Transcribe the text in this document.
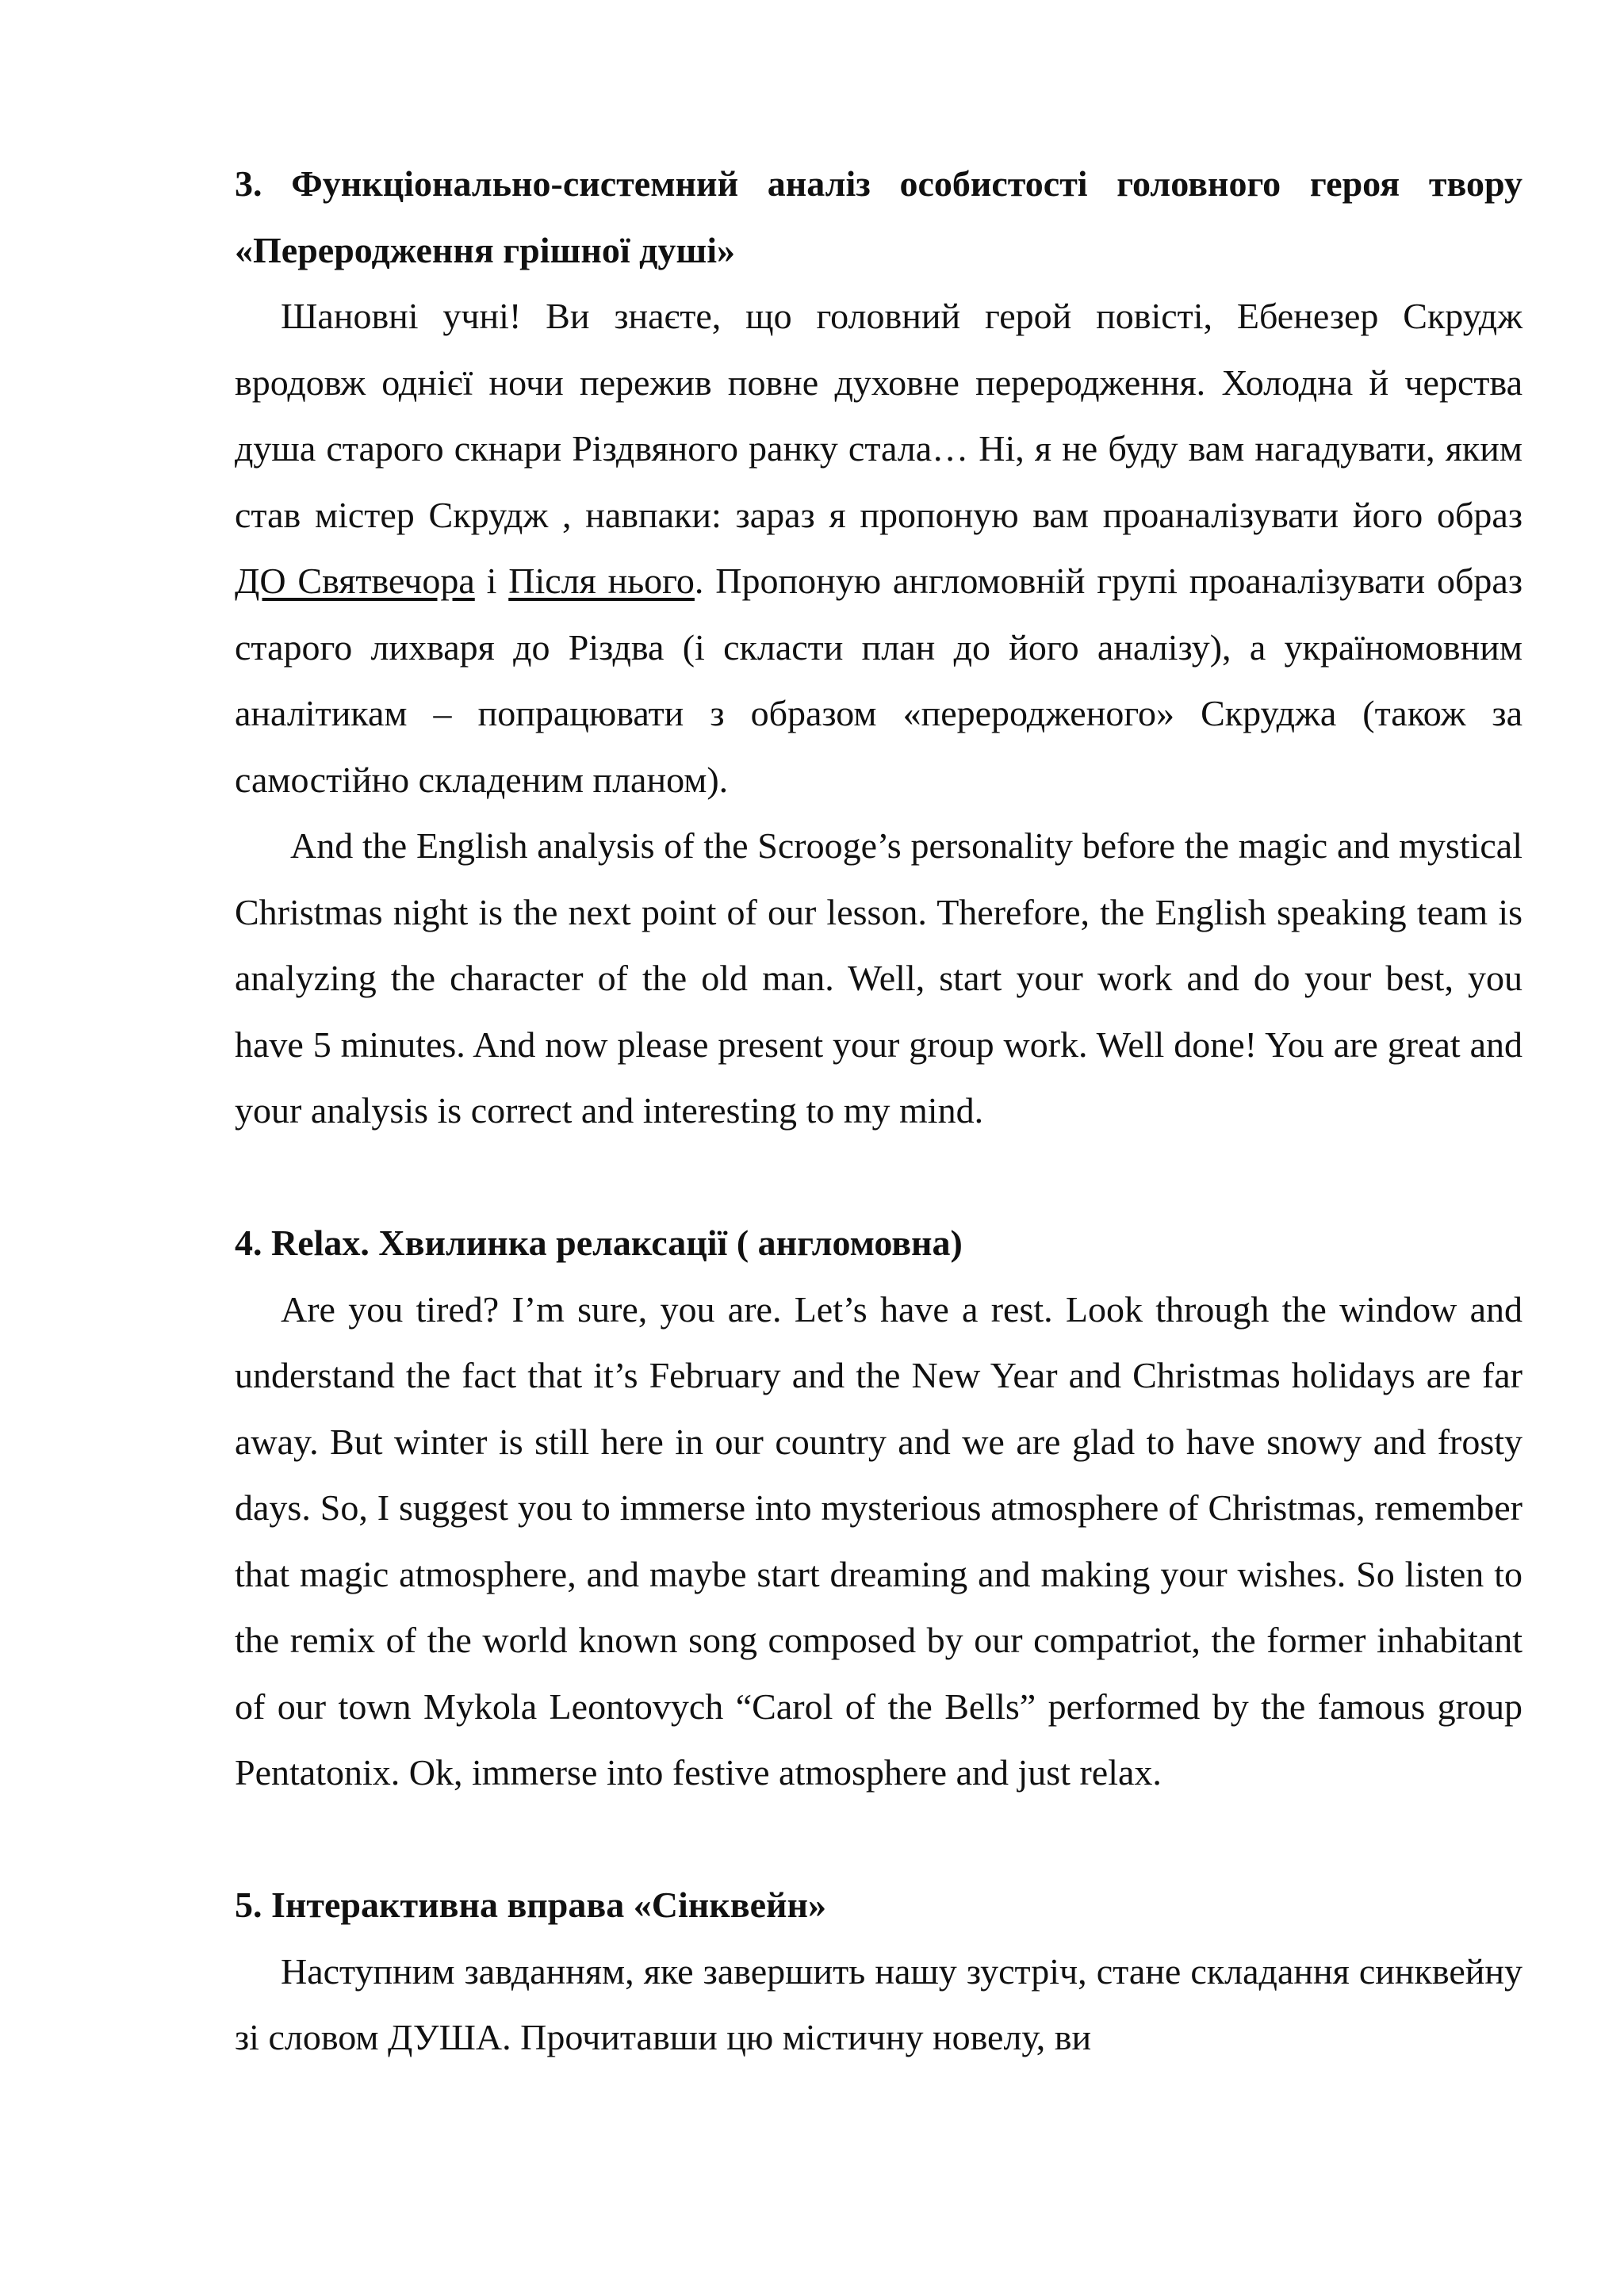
3. Функціонально-системний аналіз особистості головного героя твору «Переродження грішної душі»

Шановні учні! Ви знаєте, що головний герой повісті, Ебенезер Скрудж вродовж однієї ночи пережив повне духовне переродження. Холодна й черства душа старого скнари Різдвяного ранку стала… Ні, я не буду вам нагадувати, яким став містер Скрудж , навпаки: зараз я пропоную вам проаналізувати його образ ДО Святвечора і Після нього. Пропоную англомовній групі проаналізувати образ старого лихваря до Різдва (і скласти план до його аналізу), а україномовним аналітикам – попрацювати з образом «переродженого» Скруджа (також за самостійно складеним планом).

And the English analysis of the Scrooge’s personality before the magic and mystical Christmas night is the next point of our lesson. Therefore, the English speaking team is analyzing the character of the old man. Well, start your work and do your best, you have 5 minutes. And now please present your group work. Well done! You are great and your analysis is correct and interesting to my mind.

4. Relax. Хвилинка релаксації ( англомовна)

Are you tired? I’m sure, you are. Let’s have a rest. Look through the window and understand the fact that it’s February and the New Year and Christmas holidays are far away. But winter is still here in our country and we are glad to have snowy and frosty days. So, I suggest you to immerse into mysterious atmosphere of Christmas, remember that magic atmosphere, and maybe start dreaming and making your wishes. So listen to the remix of the world known song composed by our compatriot, the former inhabitant of our town Mykola Leontovych “Carol of the Bells” performed by the famous group Pentatonix. Ok, immerse into festive atmosphere and just relax.

5. Інтерактивна вправа «Сінквейн»

Наступним завданням, яке завершить нашу зустріч, стане складання синквейну зі словом ДУША. Прочитавши цю містичну новелу, ви
